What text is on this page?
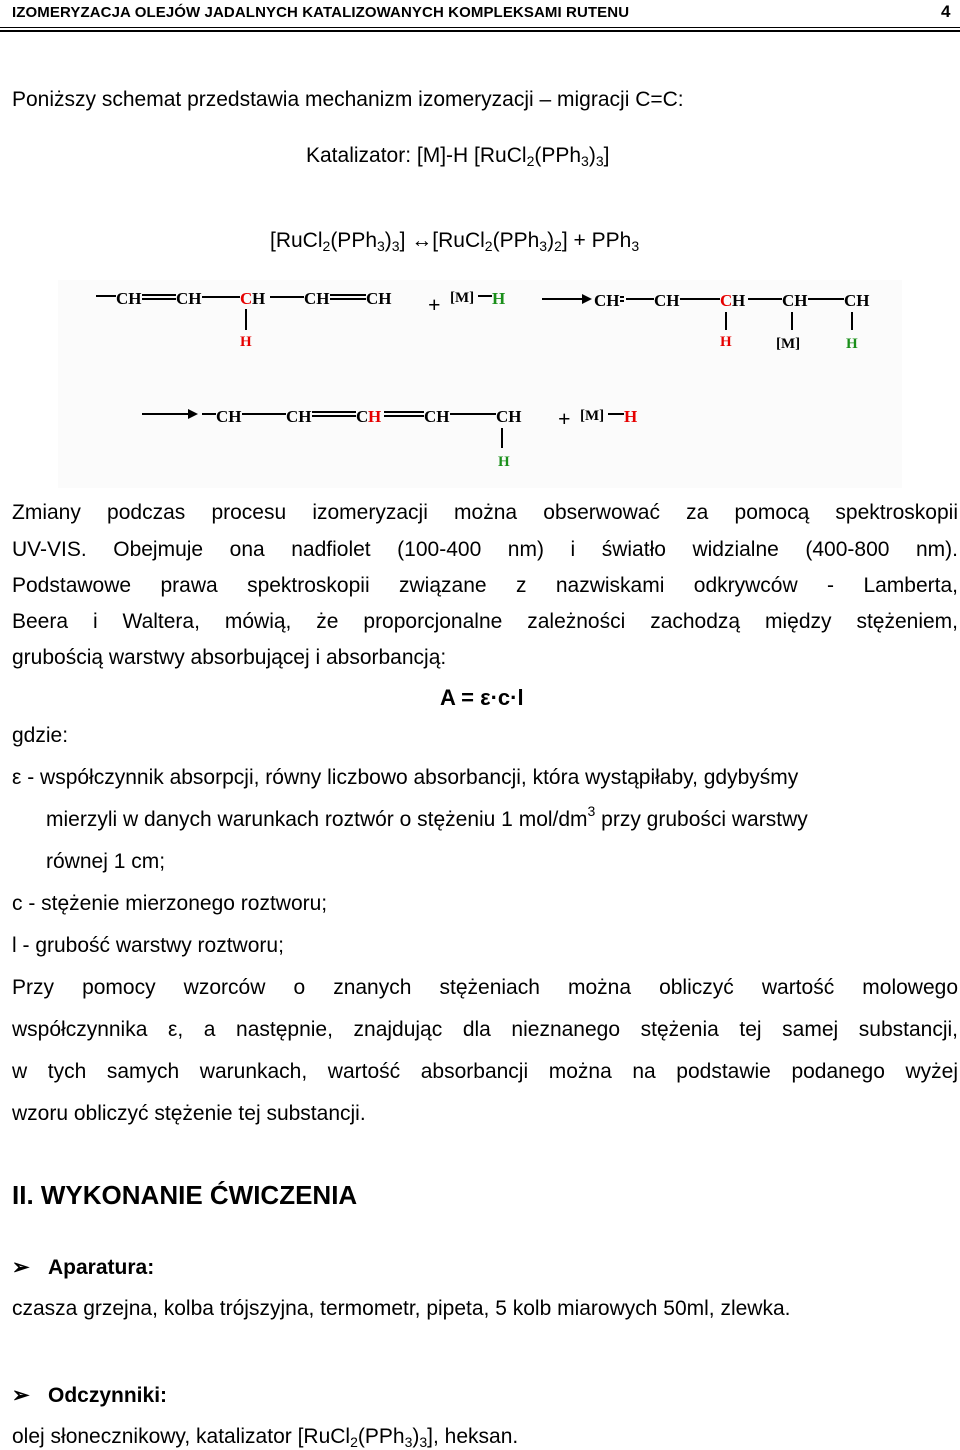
IZOMERYZACJA OLEJÓW JADALNYCH KATALIZOWANYCH KOMPLEKSAMI RUTENU	4
Poniższy schemat przedstawia mechanizm izomeryzacji – migracji C=C:
Katalizator: [M]-H $[RuCl_2(PPh_3)_3]$
$[RuCl_2(PPh_3)_3]$ $\leftrightarrow[RuCl_2(PPh_3)_2] + PPh_3$
CH CH C H
H
CH CH + [M] H	CH CH C H
H
CH
[M]
CH
H
CH	CH	C H	CH	CH
H
+ [M] H
Zmiany podczas procesu izomeryzacji można obserwować za pomocą spektroskopii
UV-VIS. Obejmuje ona nadfiolet (100-400 nm) i światło widzialne (400-800 nm).
Podstawowe prawa spektroskopii związane z nazwiskami odkrywców - Lamberta,
Beera i Waltera, mówią, że proporcjonalne zależności zachodzą między stężeniem,
grubością warstwy absorbującej i absorbancją:
A = ε·c·l
gdzie:
ε - współczynnik absorpcji, równy liczbowo absorbancji, która wystąpiłaby, gdybyśmy
mierzyli w danych warunkach roztwór o stężeniu 1 mol/$dm^3$ przy grubości warstwy
równej 1 cm;
c - stężenie mierzonego roztworu;
l - grubość warstwy roztworu;
Przy pomocy wzorców o znanych stężeniach można obliczyć wartość molowego
współczynnika ε, a następnie, znajdując dla nieznanego stężenia tej samej substancji,
w tych samych warunkach, wartość absorbancji można na podstawie podanego wyżej
wzoru obliczyć stężenie tej substancji.
II. WYKONANIE ĆWICZENIA
➢ Aparatura:
czasza grzejna, kolba trójszyjna, termometr, pipeta, 5 kolb miarowych 50ml, zlewka.
➢ Odczynniki:
olej słonecznikowy, katalizator $[RuCl_2(PPh_3)_3]$, heksan.
